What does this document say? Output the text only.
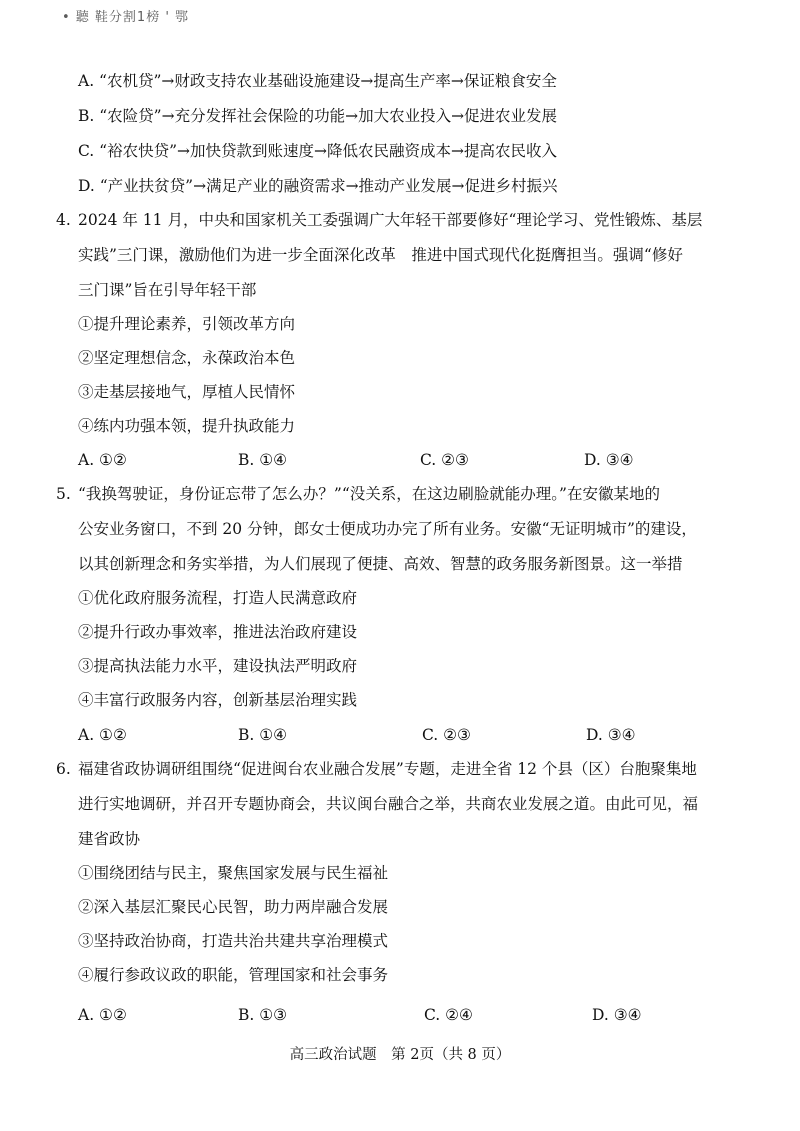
• 聽 鞋分割1榜 ' 鄂
A. “农机贷”→财政支持农业基础设施建设→提高生产率→保证粮食安全
B. “农险贷”→充分发挥社会保险的功能→加大农业投入→促进农业发展
C. “裕农快贷”→加快贷款到账速度→降低农民融资成本→提高农民收入
D. “产业扶贫贷”→满足产业的融资需求→推动产业发展→促进乡村振兴
4. 2024 年 11 月，中央和国家机关工委强调广大年轻干部要修好“理论学习、党性锻炼、基层
实践”三门课，激励他们为进一步全面深化改革　推进中国式现代化挺膺担当。强调“修好
三门课”旨在引导年轻干部
①提升理论素养，引领改革方向
②坚定理想信念，永葆政治本色
③走基层接地气，厚植人民情怀
④练内功强本领，提升执政能力
A. ①②	B. ①④	C. ②③	D. ③④
5. “我换驾驶证，身份证忘带了怎么办？”“没关系，在这边刷脸就能办理。”在安徽某地的
公安业务窗口，不到 20 分钟，郎女士便成功办完了所有业务。安徽“无证明城市”的建设，
以其创新理念和务实举措，为人们展现了便捷、高效、智慧的政务服务新图景。这一举措
①优化政府服务流程，打造人民满意政府
②提升行政办事效率，推进法治政府建设
③提高执法能力水平，建设执法严明政府
④丰富行政服务内容，创新基层治理实践
A. ①②	B. ①④	C. ②③	D. ③④
6. 福建省政协调研组围绕“促进闽台农业融合发展”专题，走进全省 12 个县（区）台胞聚集地
进行实地调研，并召开专题协商会，共议闽台融合之举，共商农业发展之道。由此可见，福
建省政协
①围绕团结与民主，聚焦国家发展与民生福祉
②深入基层汇聚民心民智，助力两岸融合发展
③坚持政治协商，打造共治共建共享治理模式
④履行参政议政的职能，管理国家和社会事务
A. ①②	B. ①③	C. ②④	D. ③④
高三政治试题　第 2页（共 8 页）
